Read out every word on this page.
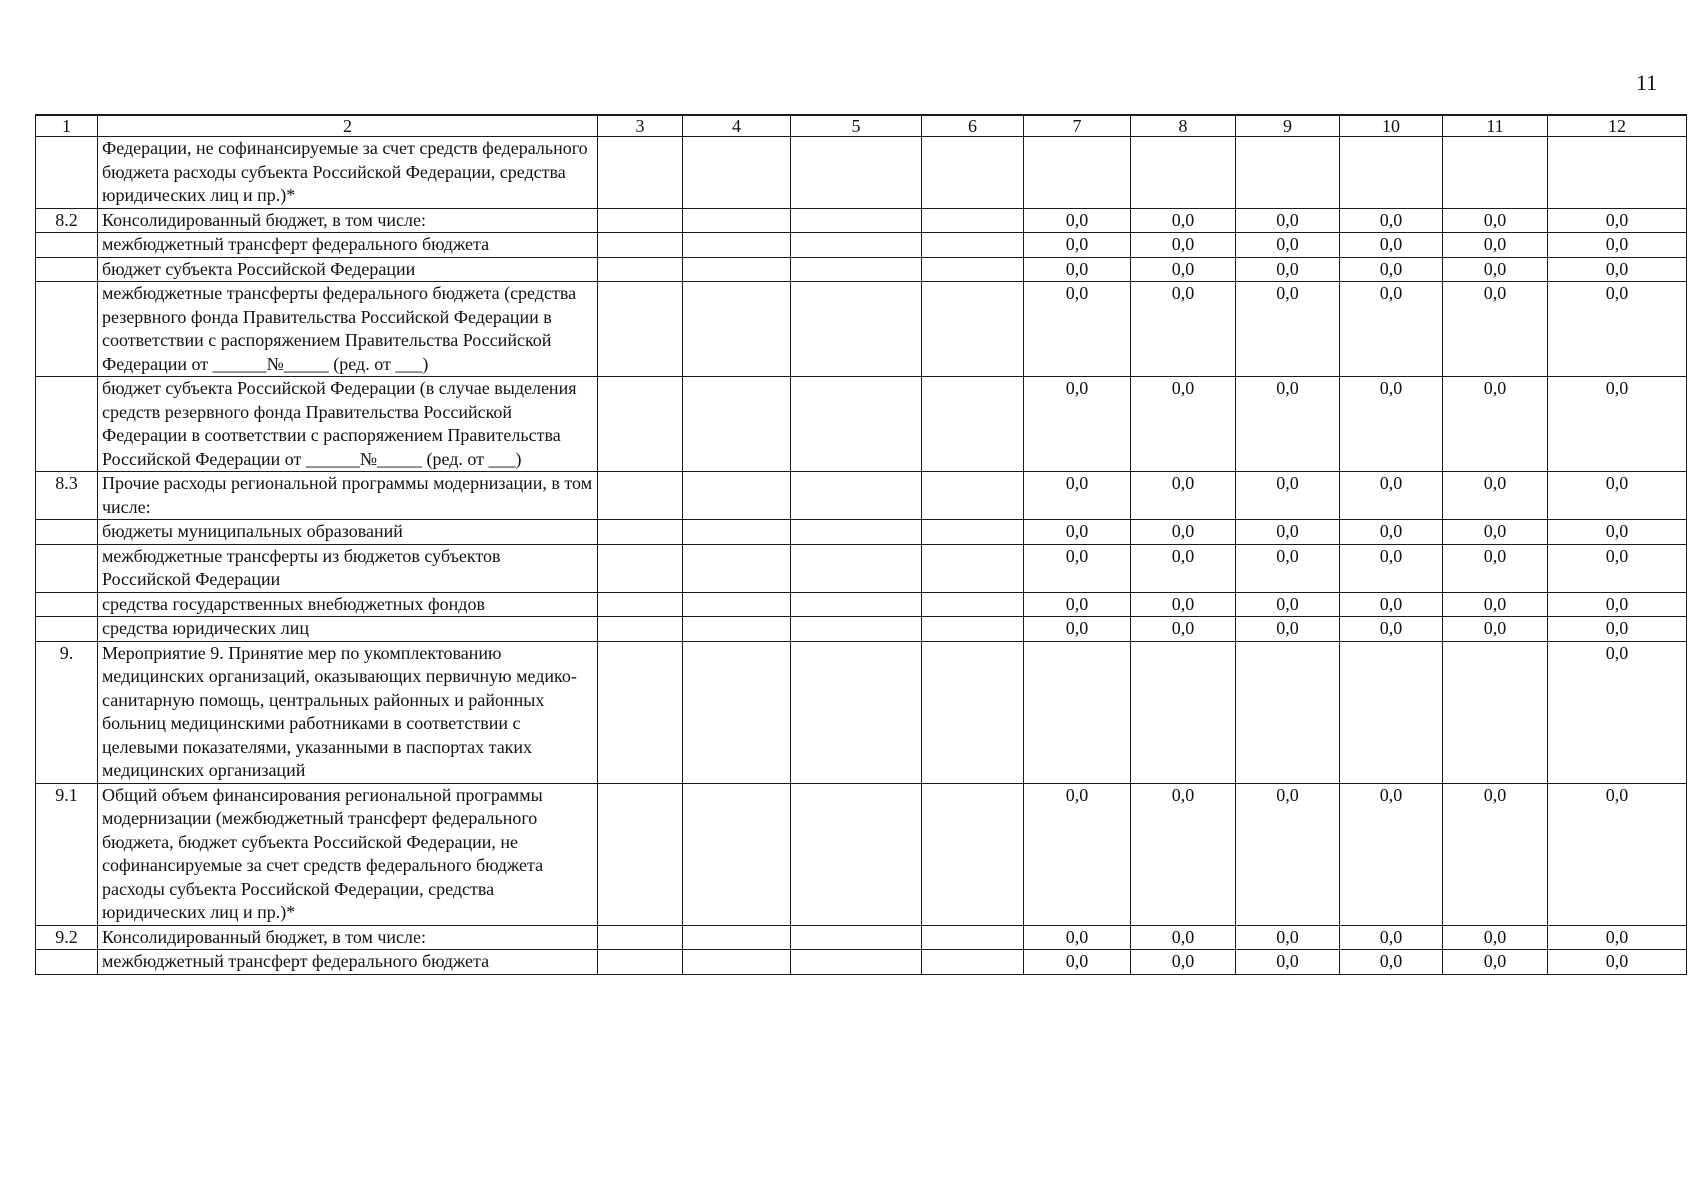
11
1	2	3	4	5	6	7	8	9	10	11	12
	Федерации, не софинансируемые за счет средств федерального бюджета расходы субъекта Российской Федерации, средства юридических лиц и пр.)*										
8.2	Консолидированный бюджет, в том числе:					0,0	0,0	0,0	0,0	0,0	0,0
	межбюджетный трансферт федерального бюджета					0,0	0,0	0,0	0,0	0,0	0,0
	бюджет субъекта Российской Федерации					0,0	0,0	0,0	0,0	0,0	0,0
	межбюджетные трансферты федерального бюджета (средства резервного фонда Правительства Российской Федерации в соответствии с распоряжением Правительства Российской Федерации от ______№_____ (ред. от ___)					0,0	0,0	0,0	0,0	0,0	0,0
	бюджет субъекта Российской Федерации (в случае выделения средств резервного фонда Правительства Российской Федерации в соответствии с распоряжением Правительства Российской Федерации от ______№_____ (ред. от ___)					0,0	0,0	0,0	0,0	0,0	0,0
8.3	Прочие расходы региональной программы модернизации, в том числе:					0,0	0,0	0,0	0,0	0,0	0,0
	бюджеты муниципальных образований					0,0	0,0	0,0	0,0	0,0	0,0
	межбюджетные трансферты из бюджетов субъектов Российской Федерации					0,0	0,0	0,0	0,0	0,0	0,0
	средства государственных внебюджетных фондов					0,0	0,0	0,0	0,0	0,0	0,0
	средства юридических лиц					0,0	0,0	0,0	0,0	0,0	0,0
9.	Мероприятие 9. Принятие мер по укомплектованию медицинских организаций, оказывающих первичную медико-санитарную помощь, центральных районных и районных больниц медицинскими работниками в соответствии с целевыми показателями, указанными в паспортах таких медицинских организаций										0,0
9.1	Общий объем финансирования региональной программы модернизации (межбюджетный трансферт федерального бюджета, бюджет субъекта Российской Федерации, не софинансируемые за счет средств федерального бюджета расходы субъекта Российской Федерации, средства юридических лиц и пр.)*					0,0	0,0	0,0	0,0	0,0	0,0
9.2	Консолидированный бюджет, в том числе:					0,0	0,0	0,0	0,0	0,0	0,0
	межбюджетный трансферт федерального бюджета					0,0	0,0	0,0	0,0	0,0	0,0
